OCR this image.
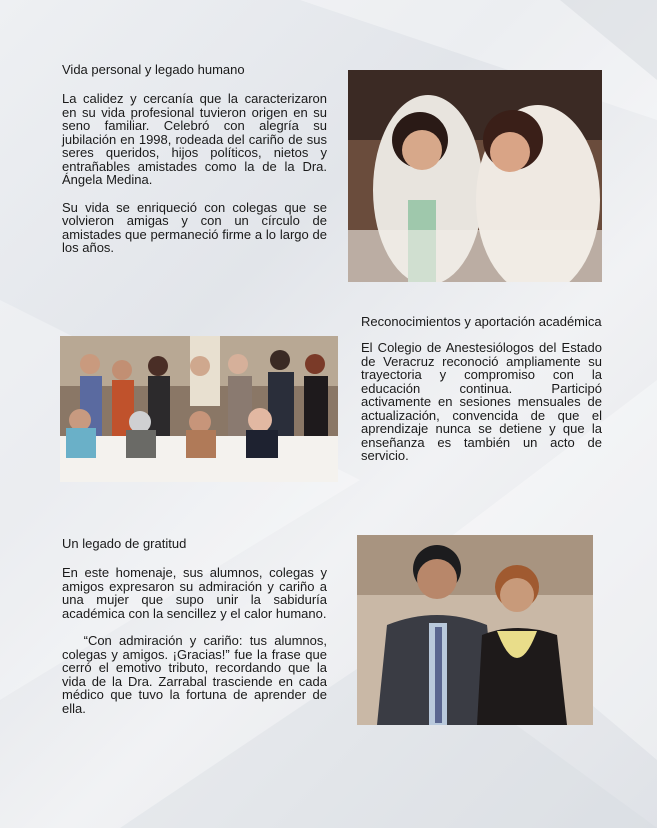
Vida personal y legado humano

La calidez y cercanía que la caracterizaron en su vida profesional tuvieron origen en su seno familiar. Celebró con alegría su jubilación en 1998, rodeada del cariño de sus seres queridos, hijos políticos, nietos y entrañables amistades como la de la Dra. Ángela Medina.

Su vida se enriqueció con colegas que se volvieron amigas y con un círculo de amistades que permaneció firme a lo largo de los años.

Reconocimientos y aportación académica

El Colegio de Anestesiólogos del Estado de Veracruz reconoció ampliamente su trayectoria y compromiso con la educación continua. Participó activamente en sesiones mensuales de actualización, convencida de que el aprendizaje nunca se detiene y que la enseñanza es también un acto de servicio.

Un legado de gratitud

En este homenaje, sus alumnos, colegas y amigos expresaron su admiración y cariño a una mujer que supo unir la sabiduría académica con la sencillez y el calor humano.

“Con admiración y cariño: tus alumnos, colegas y amigos. ¡Gracias!” fue la frase que cerró el emotivo tributo, recordando que la vida de la Dra. Zarrabal trasciende en cada médico que tuvo la fortuna de aprender de ella.
